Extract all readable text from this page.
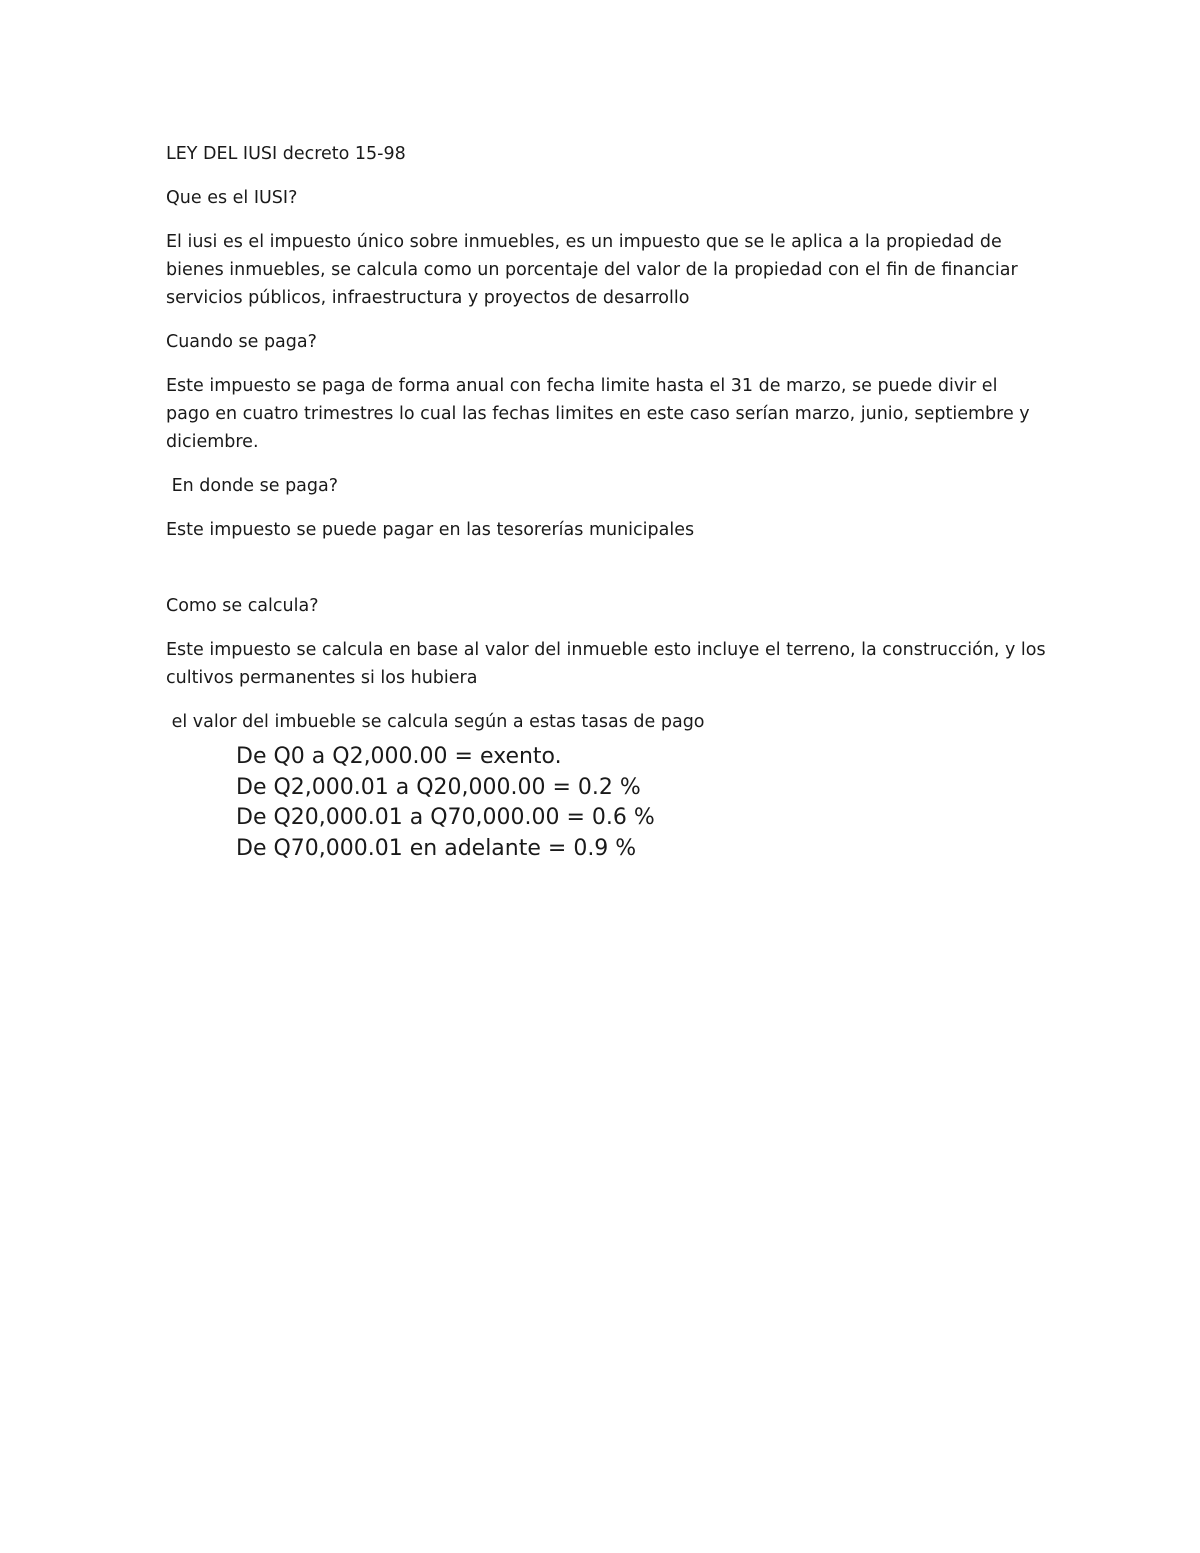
LEY DEL IUSI decreto 15-98

Que es el IUSI?

El iusi es el impuesto único sobre inmuebles, es un impuesto que se le aplica a la propiedad de bienes inmuebles, se calcula como un porcentaje del valor de la propiedad con el fin de financiar servicios públicos, infraestructura y proyectos de desarrollo

Cuando se paga?

Este impuesto se paga de forma anual con fecha limite hasta el 31 de marzo, se puede divir el pago en cuatro trimestres lo cual las fechas limites en este caso serían marzo, junio, septiembre y diciembre.

En donde se paga?

Este impuesto se puede pagar en las tesorerías municipales

Como se calcula?

Este impuesto se calcula en base al valor del inmueble esto incluye el terreno, la construcción, y los cultivos permanentes si los hubiera

el valor del imbueble se calcula según a estas tasas de pago

De Q0 a Q2,000.00 = exento.
De Q2,000.01 a Q20,000.00 = 0.2 %
De Q20,000.01 a Q70,000.00 = 0.6 %
De Q70,000.01 en adelante = 0.9 %
